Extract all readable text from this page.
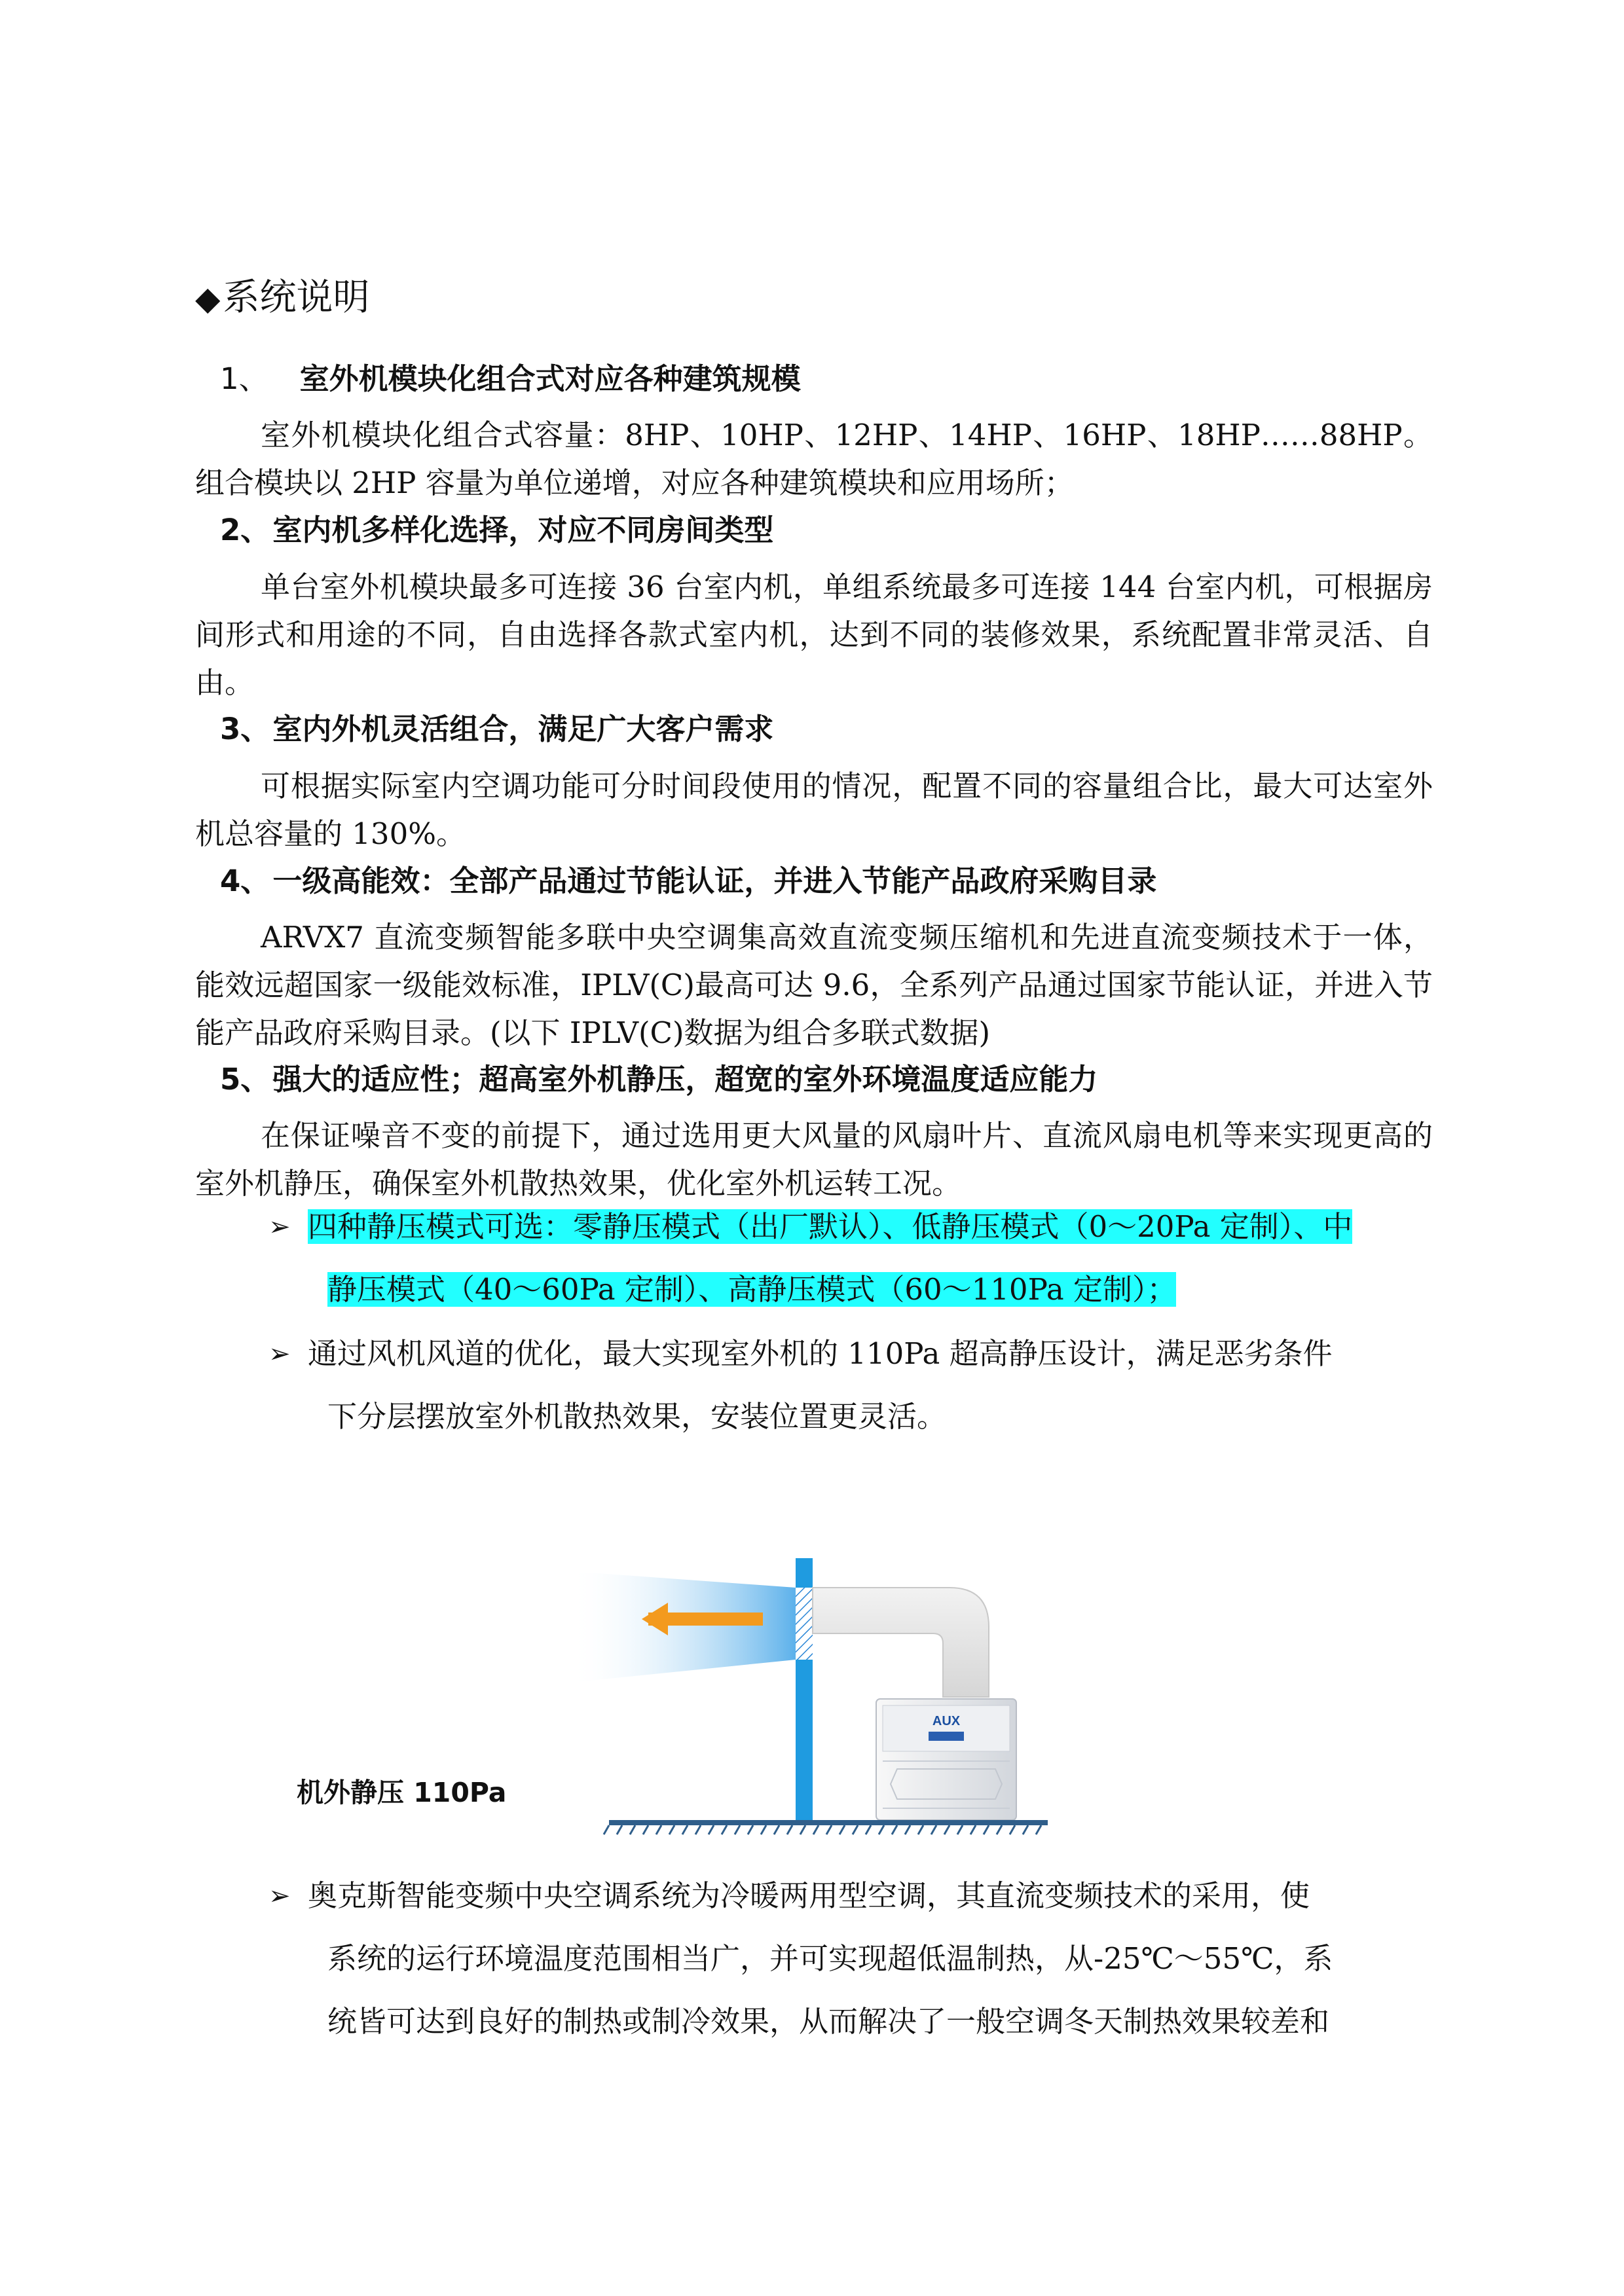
◆系统说明
1、 室外机模块化组合式对应各种建筑规模
室外机模块化组合式容量：8HP、10HP、12HP、14HP、16HP、18HP……88HP。组合模块以 2HP 容量为单位递增，对应各种建筑模块和应用场所；
2、室内机多样化选择，对应不同房间类型
单台室外机模块最多可连接 36 台室内机，单组系统最多可连接 144 台室内机，可根据房间形式和用途的不同，自由选择各款式室内机，达到不同的装修效果，系统配置非常灵活、自由。
3、室内外机灵活组合，满足广大客户需求
可根据实际室内空调功能可分时间段使用的情况，配置不同的容量组合比，最大可达室外机总容量的 130%。
4、一级高能效：全部产品通过节能认证，并进入节能产品政府采购目录
ARVX7 直流变频智能多联中央空调集高效直流变频压缩机和先进直流变频技术于一体，能效远超国家一级能效标准，IPLV(C)最高可达 9.6，全系列产品通过国家节能认证，并进入节能产品政府采购目录。(以下 IPLV(C)数据为组合多联式数据)
5、强大的适应性；超高室外机静压，超宽的室外环境温度适应能力
在保证噪音不变的前提下，通过选用更大风量的风扇叶片、直流风扇电机等来实现更高的室外机静压，确保室外机散热效果，优化室外机运转工况。
➢ 四种静压模式可选：零静压模式（出厂默认）、低静压模式（0～20Pa 定制）、中
静压模式（40～60Pa 定制）、高静压模式（60～110Pa 定制）；
➢ 通过风机风道的优化，最大实现室外机的 110Pa 超高静压设计，满足恶劣条件
下分层摆放室外机散热效果，安装位置更灵活。
AUX
机外静压 110Pa
➢ 奥克斯智能变频中央空调系统为冷暖两用型空调，其直流变频技术的采用，使
系统的运行环境温度范围相当广，并可实现超低温制热，从-25℃～55℃，系
统皆可达到良好的制热或制冷效果，从而解决了一般空调冬天制热效果较差和
